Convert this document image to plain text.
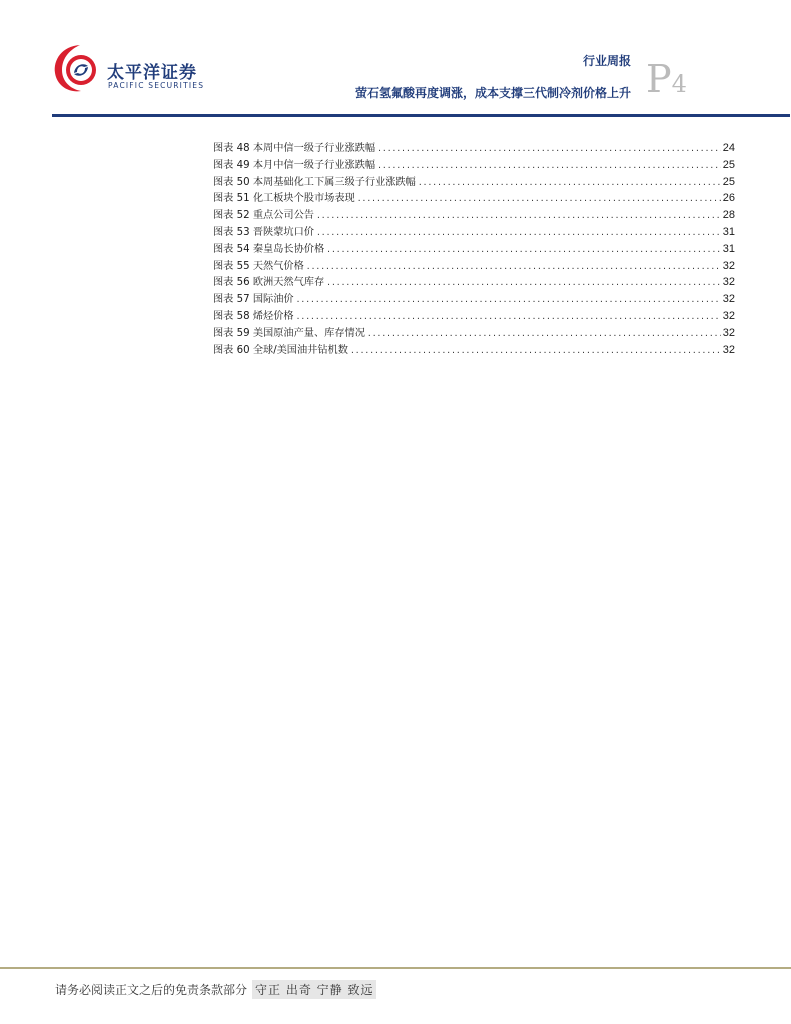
太平洋证券
PACIFIC SECURITIES
行业周报
萤石氢氟酸再度调涨，成本支撑三代制冷剂价格上升 P4
图表 48 本周中信一级子行业涨跌幅 .....	24
图表 49 本月中信一级子行业涨跌幅 .....	25
图表 50 本周基础化工下属三级子行业涨跌幅 .....	25
图表 51 化工板块个股市场表现 .....	26
图表 52 重点公司公告 .....	28
图表 53 晋陕蒙坑口价 .....	31
图表 54 秦皇岛长协价格 .....	31
图表 55 天然气价格 .....	32
图表 56 欧洲天然气库存 .....	32
图表 57 国际油价 .....	32
图表 58 烯烃价格 .....	32
图表 59 美国原油产量、库存情况 .....	32
图表 60 全球/美国油井钻机数 .....	32
请务必阅读正文之后的免责条款部分 守正 出奇 宁静 致远
